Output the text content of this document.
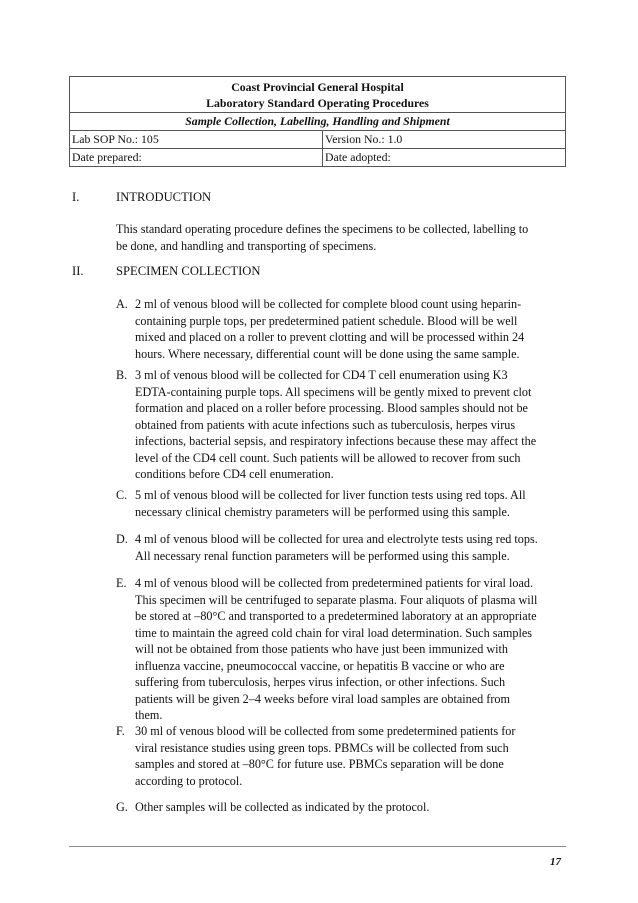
Coast Provincial General Hospital
Laboratory Standard Operating Procedures	

Sample Collection, Labelling, Handling and Shipment	
Lab SOP No.: 105	Version No.: 1.0
Date prepared:	Date adopted:
I.	INTRODUCTION
This standard operating procedure defines the specimens to be collected, labelling to
be done, and handling and transporting of specimens.
II.	SPECIMEN COLLECTION
A. 2 ml of venous blood will be collected for complete blood count using heparin-
containing purple tops, per predetermined patient schedule. Blood will be well
mixed and placed on a roller to prevent clotting and will be processed within 24
hours. Where necessary, differential count will be done using the same sample.
B. 3 ml of venous blood will be collected for CD4 T cell enumeration using K3
EDTA-containing purple tops. All specimens will be gently mixed to prevent clot
formation and placed on a roller before processing. Blood samples should not be
obtained from patients with acute infections such as tuberculosis, herpes virus
infections, bacterial sepsis, and respiratory infections because these may affect the
level of the CD4 cell count. Such patients will be allowed to recover from such
conditions before CD4 cell enumeration.
C. 5 ml of venous blood will be collected for liver function tests using red tops. All
necessary clinical chemistry parameters will be performed using this sample.
D. 4 ml of venous blood will be collected for urea and electrolyte tests using red tops.
All necessary renal function parameters will be performed using this sample.
E. 4 ml of venous blood will be collected from predetermined patients for viral load.
This specimen will be centrifuged to separate plasma. Four aliquots of plasma will
be stored at –80°C and transported to a predetermined laboratory at an appropriate
time to maintain the agreed cold chain for viral load determination. Such samples
will not be obtained from those patients who have just been immunized with
influenza vaccine, pneumococcal vaccine, or hepatitis B vaccine or who are
suffering from tuberculosis, herpes virus infection, or other infections. Such
patients will be given 2–4 weeks before viral load samples are obtained from
them.
F. 30 ml of venous blood will be collected from some predetermined patients for
viral resistance studies using green tops. PBMCs will be collected from such
samples and stored at –80°C for future use. PBMCs separation will be done
according to protocol.
G. Other samples will be collected as indicated by the protocol.
17
